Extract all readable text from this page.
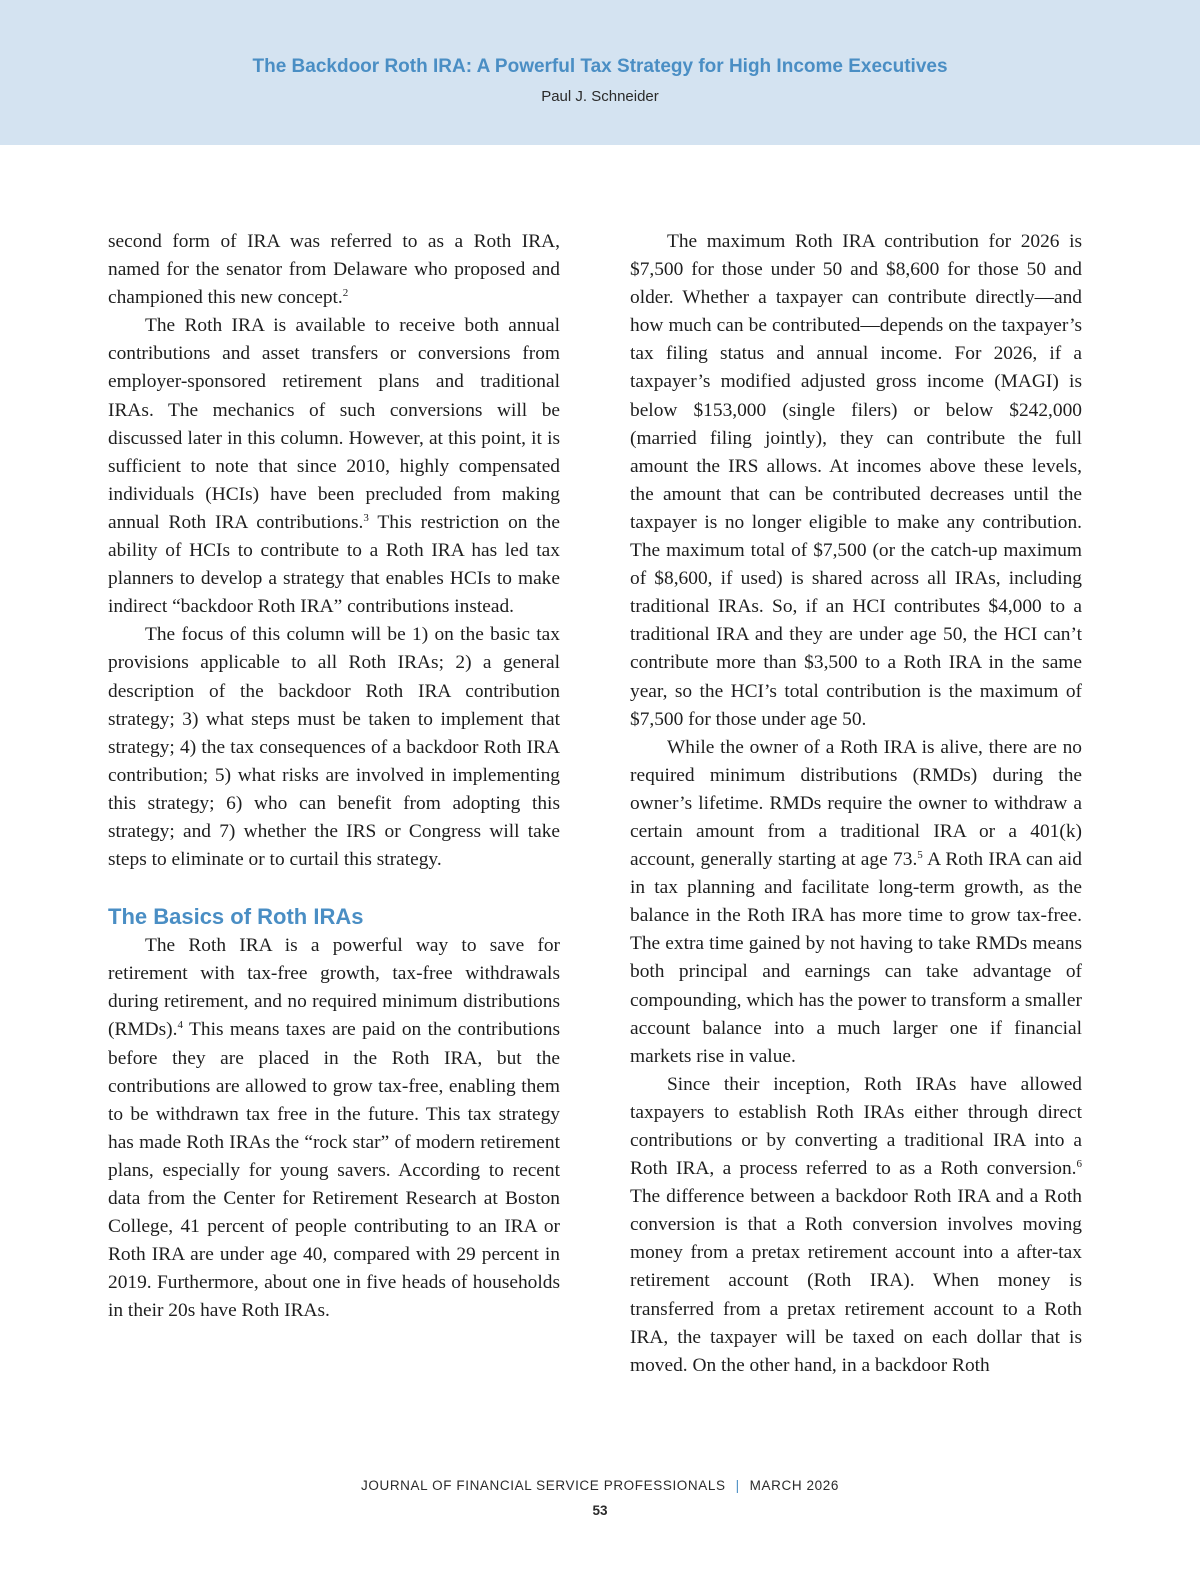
The Backdoor Roth IRA: A Powerful Tax Strategy for High Income Executives
Paul J. Schneider

second form of IRA was referred to as a Roth IRA, named for the senator from Delaware who proposed and championed this new concept.$^2$

The Roth IRA is available to receive both annual contributions and asset transfers or conversions from employer-sponsored retirement plans and traditional IRAs. The mechanics of such conversions will be discussed later in this column. However, at this point, it is sufficient to note that since 2010, highly compensated individuals (HCIs) have been precluded from making annual Roth IRA contributions.$^3$ This restriction on the ability of HCIs to contribute to a Roth IRA has led tax planners to develop a strategy that enables HCIs to make indirect “backdoor Roth IRA” contributions instead.

The focus of this column will be 1) on the basic tax provisions applicable to all Roth IRAs; 2) a general description of the backdoor Roth IRA contribution strategy; 3) what steps must be taken to implement that strategy; 4) the tax consequences of a backdoor Roth IRA contribution; 5) what risks are involved in implementing this strategy; 6) who can benefit from adopting this strategy; and 7) whether the IRS or Congress will take steps to eliminate or to curtail this strategy.

The Basics of Roth IRAs

The Roth IRA is a powerful way to save for retirement with tax-free growth, tax-free withdrawals during retirement, and no required minimum distributions (RMDs).$^4$ This means taxes are paid on the contributions before they are placed in the Roth IRA, but the contributions are allowed to grow tax-free, enabling them to be withdrawn tax free in the future. This tax strategy has made Roth IRAs the “rock star” of modern retirement plans, especially for young savers. According to recent data from the Center for Retirement Research at Boston College, 41 percent of people contributing to an IRA or Roth IRA are under age 40, compared with 29 percent in 2019. Furthermore, about one in five heads of households in their 20s have Roth IRAs.

The maximum Roth IRA contribution for 2026 is $7,500 for those under 50 and $8,600 for those 50 and older. Whether a taxpayer can contribute directly—and how much can be contributed—depends on the taxpayer’s tax filing status and annual income. For 2026, if a taxpayer’s modified adjusted gross income (MAGI) is below $153,000 (single filers) or below $242,000 (married filing jointly), they can contribute the full amount the IRS allows. At incomes above these levels, the amount that can be contributed decreases until the taxpayer is no longer eligible to make any contribution. The maximum total of $7,500 (or the catch-up maximum of $8,600, if used) is shared across all IRAs, including traditional IRAs. So, if an HCI contributes $4,000 to a traditional IRA and they are under age 50, the HCI can’t contribute more than $3,500 to a Roth IRA in the same year, so the HCI’s total contribution is the maximum of $7,500 for those under age 50.

While the owner of a Roth IRA is alive, there are no required minimum distributions (RMDs) during the owner’s lifetime. RMDs require the owner to withdraw a certain amount from a traditional IRA or a 401(k) account, generally starting at age 73.$^5$ A Roth IRA can aid in tax planning and facilitate long-term growth, as the balance in the Roth IRA has more time to grow tax-free. The extra time gained by not having to take RMDs means both principal and earnings can take advantage of compounding, which has the power to transform a smaller account balance into a much larger one if financial markets rise in value.

Since their inception, Roth IRAs have allowed taxpayers to establish Roth IRAs either through direct contributions or by converting a traditional IRA into a Roth IRA, a process referred to as a Roth conversion.$^6$ The difference between a backdoor Roth IRA and a Roth conversion is that a Roth conversion involves moving money from a pretax retirement account into a after-tax retirement account (Roth IRA). When money is transferred from a pretax retirement account to a Roth IRA, the taxpayer will be taxed on each dollar that is moved. On the other hand, in a backdoor Roth

JOURNAL OF FINANCIAL SERVICE PROFESSIONALS | MARCH 2026
53
